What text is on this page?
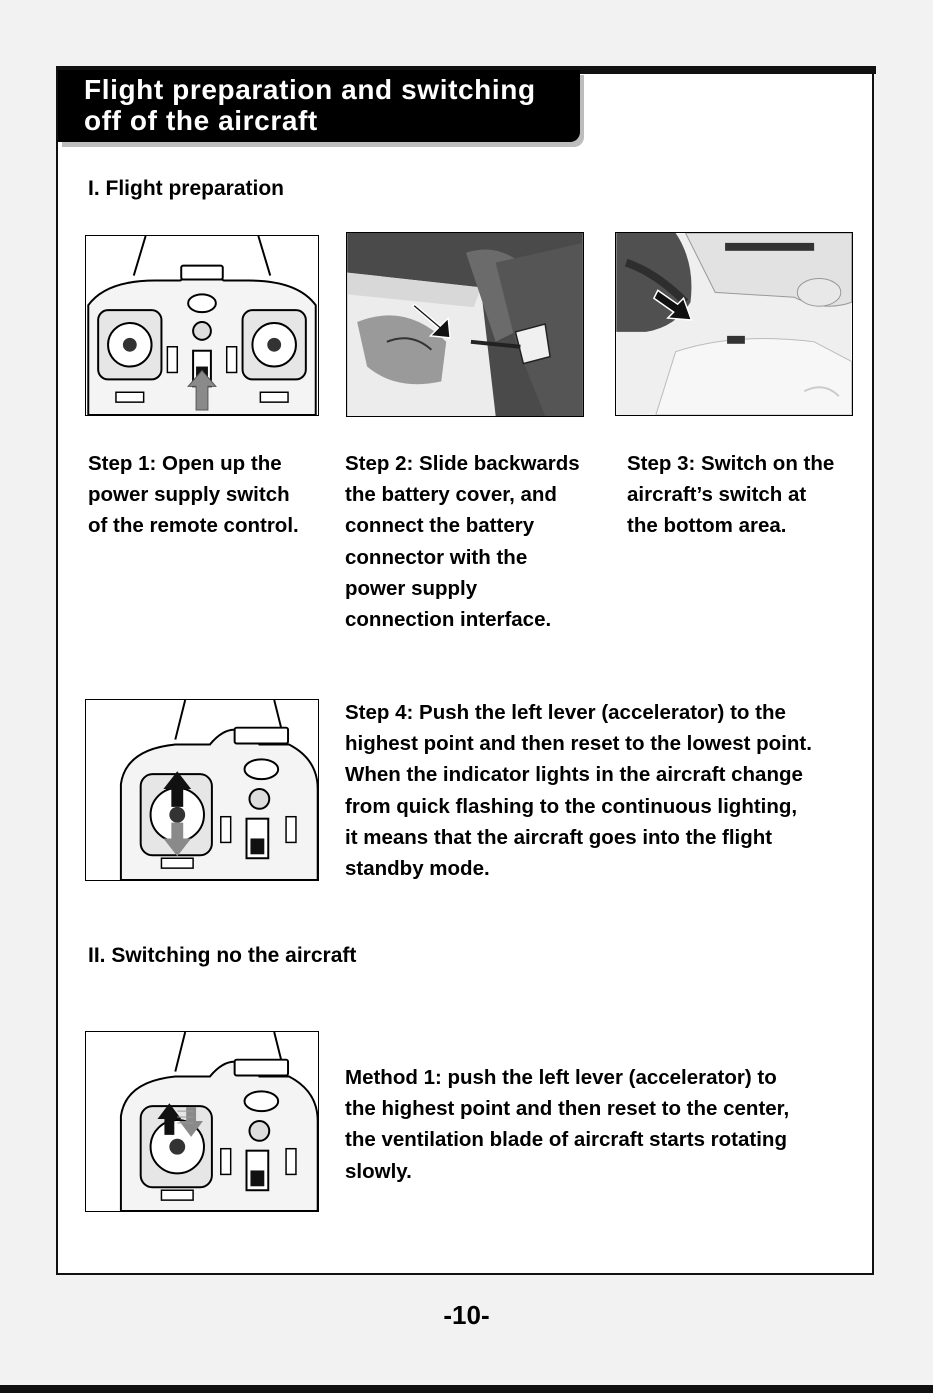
Flight preparation and switching
off of the aircraft
I. Flight preparation
Step 1: Open up the
power supply switch
of the remote control.
Step 2: Slide backwards
the battery cover, and
connect the battery
connector with the
power supply
connection interface.
Step 3: Switch on the
aircraft’s switch at
the bottom area.
Step 4: Push the left lever (accelerator) to the
highest point and then reset to the lowest point.
When the indicator lights in the aircraft change
from quick flashing to the continuous lighting,
it means that the aircraft goes into the flight
standby mode.
II. Switching no the aircraft
Method 1: push the left lever (accelerator) to
the highest point and then reset to the center,
the ventilation blade of aircraft starts rotating
slowly.
-10-
